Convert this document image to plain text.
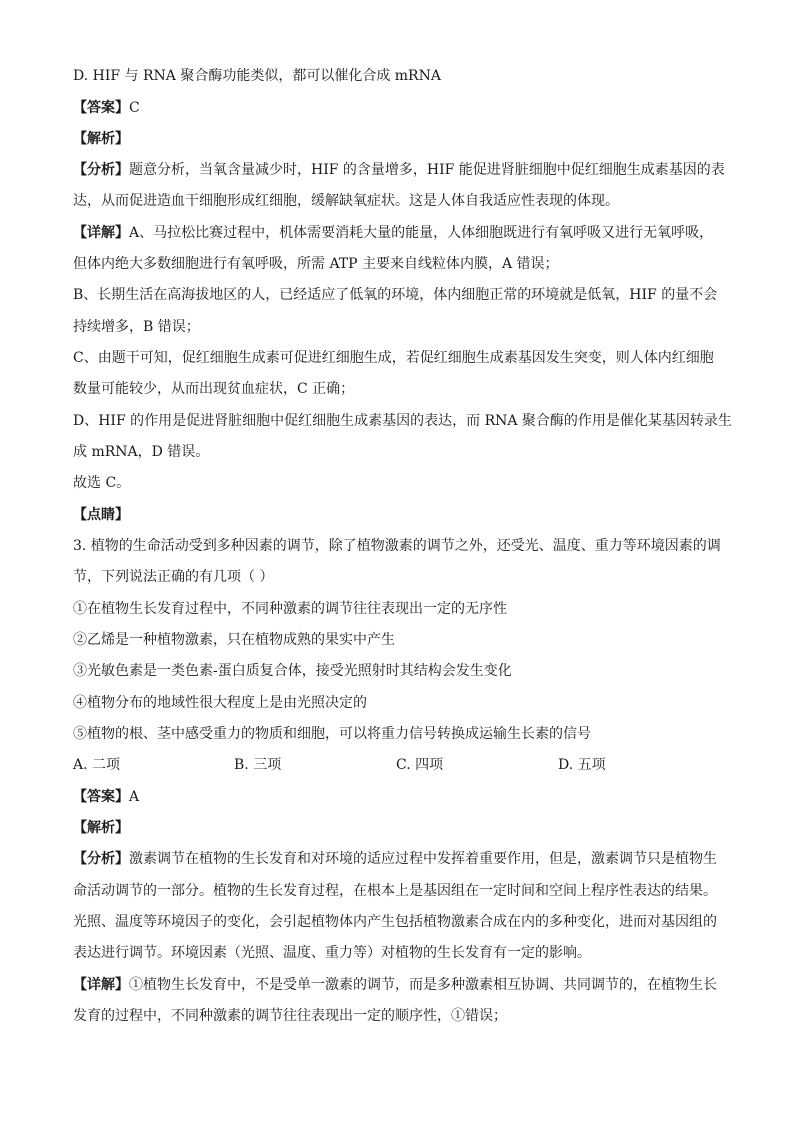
D. HIF 与 RNA 聚合酶功能类似，都可以催化合成 mRNA
【答案】C
【解析】
【分析】题意分析，当氧含量减少时，HIF 的含量增多，HIF 能促进肾脏细胞中促红细胞生成素基因的表
达，从而促进造血干细胞形成红细胞，缓解缺氧症状。这是人体自我适应性表现的体现。
【详解】A、马拉松比赛过程中，机体需要消耗大量的能量，人体细胞既进行有氧呼吸又进行无氧呼吸，
但体内绝大多数细胞进行有氧呼吸，所需 ATP 主要来自线粒体内膜，A 错误；
B、长期生活在高海拔地区的人，已经适应了低氧的环境，体内细胞正常的环境就是低氧，HIF 的量不会
持续增多，B 错误；
C、由题干可知，促红细胞生成素可促进红细胞生成，若促红细胞生成素基因发生突变，则人体内红细胞
数量可能较少，从而出现贫血症状，C 正确；
D、HIF 的作用是促进肾脏细胞中促红细胞生成素基因的表达，而 RNA 聚合酶的作用是催化某基因转录生
成 mRNA，D 错误。
故选 C。
【点睛】
3. 植物的生命活动受到多种因素的调节，除了植物激素的调节之外，还受光、温度、重力等环境因素的调
节，下列说法正确的有几项（ ）
①在植物生长发育过程中，不同种激素的调节往往表现出一定的无序性
②乙烯是一种植物激素，只在植物成熟的果实中产生
③光敏色素是一类色素-蛋白质复合体，接受光照射时其结构会发生变化
④植物分布的地域性很大程度上是由光照决定的
⑤植物的根、茎中感受重力的物质和细胞，可以将重力信号转换成运输生长素的信号
A. 二项	B. 三项	C. 四项	D. 五项
【答案】A
【解析】
【分析】激素调节在植物的生长发育和对环境的适应过程中发挥着重要作用，但是，激素调节只是植物生
命活动调节的一部分。植物的生长发育过程，在根本上是基因组在一定时间和空间上程序性表达的结果。
光照、温度等环境因子的变化，会引起植物体内产生包括植物激素合成在内的多种变化，进而对基因组的
表达进行调节。环境因素（光照、温度、重力等）对植物的生长发育有一定的影响。
【详解】①植物生长发育中，不是受单一激素的调节，而是多种激素相互协调、共同调节的，在植物生长
发育的过程中，不同种激素的调节往往表现出一定的顺序性，①错误；
